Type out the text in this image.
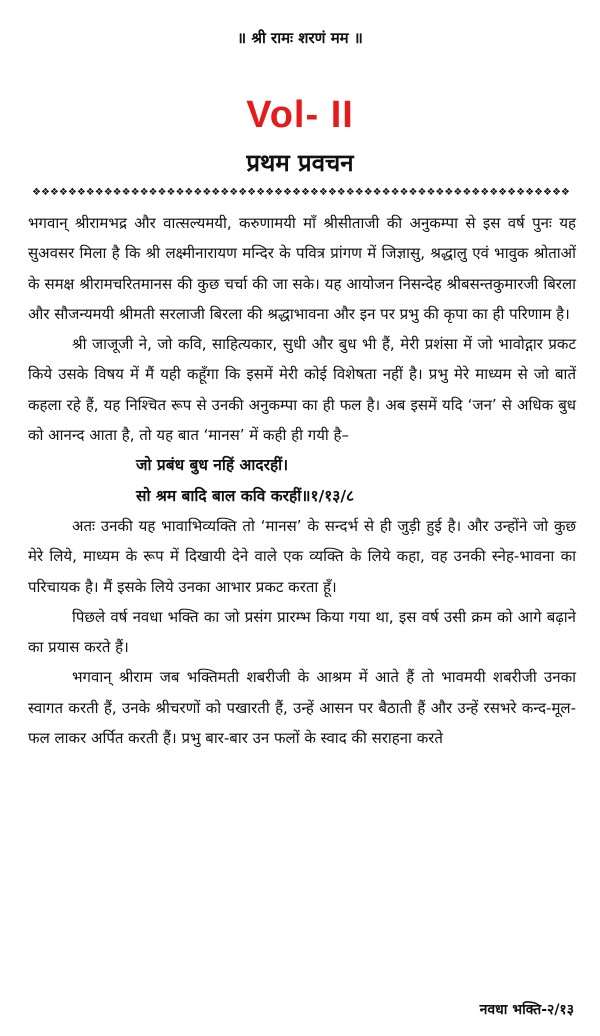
॥ श्री रामः शरणं मम ॥
Vol- II
प्रथम प्रवचन
❖❖❖❖❖❖❖❖❖❖❖❖❖❖❖❖❖❖❖❖❖❖❖❖❖❖❖❖❖❖❖❖❖❖❖❖❖❖❖❖❖❖❖❖❖❖❖❖❖❖❖❖❖❖❖❖❖❖❖❖

भगवान् श्रीरामभद्र और वात्सल्यमयी, करुणामयी माँ श्रीसीताजी की अनुकम्पा से इस वर्ष पुनः यह सुअवसर मिला है कि श्री लक्ष्मीनारायण मन्दिर के पवित्र प्रांगण में जिज्ञासु, श्रद्धालु एवं भावुक श्रोताओं के समक्ष श्रीरामचरितमानस की कुछ चर्चा की जा सके। यह आयोजन निसन्देह श्रीबसन्तकुमारजी बिरला और सौजन्यमयी श्रीमती सरलाजी बिरला की श्रद्धाभावना और इन पर प्रभु की कृपा का ही परिणाम है।

श्री जाजूजी ने, जो कवि, साहित्यकार, सुधी और बुध भी हैं, मेरी प्रशंसा में जो भावोद्गार प्रकट किये उसके विषय में मैं यही कहूँगा कि इसमें मेरी कोई विशेषता नहीं है। प्रभु मेरे माध्यम से जो बातें कहला रहे हैं, यह निश्चित रूप से उनकी अनुकम्पा का ही फल है। अब इसमें यदि ‘जन’ से अधिक बुध को आनन्द आता है, तो यह बात ‘मानस’ में कही ही गयी है–

जो प्रबंध बुध नहिं आदरहीं।

सो श्रम बादि बाल कवि करहीं॥१/१३/८

अतः उनकी यह भावाभिव्यक्ति तो ‘मानस’ के सन्दर्भ से ही जुड़ी हुई है। और उन्होंने जो कुछ मेरे लिये, माध्यम के रूप में दिखायी देने वाले एक व्यक्ति के लिये कहा, वह उनकी स्नेह-भावना का परिचायक है। मैं इसके लिये उनका आभार प्रकट करता हूँ।

पिछले वर्ष नवधा भक्ति का जो प्रसंग प्रारम्भ किया गया था, इस वर्ष उसी क्रम को आगे बढ़ाने का प्रयास करते हैं।

भगवान् श्रीराम जब भक्तिमती शबरीजी के आश्रम में आते हैं तो भावमयी शबरीजी उनका स्वागत करती हैं, उनके श्रीचरणों को पखारती हैं, उन्हें आसन पर बैठाती हैं और उन्हें रसभरे कन्द-मूल-फल लाकर अर्पित करती हैं। प्रभु बार-बार उन फलों के स्वाद की सराहना करते

नवधा भक्ति-२/१३
